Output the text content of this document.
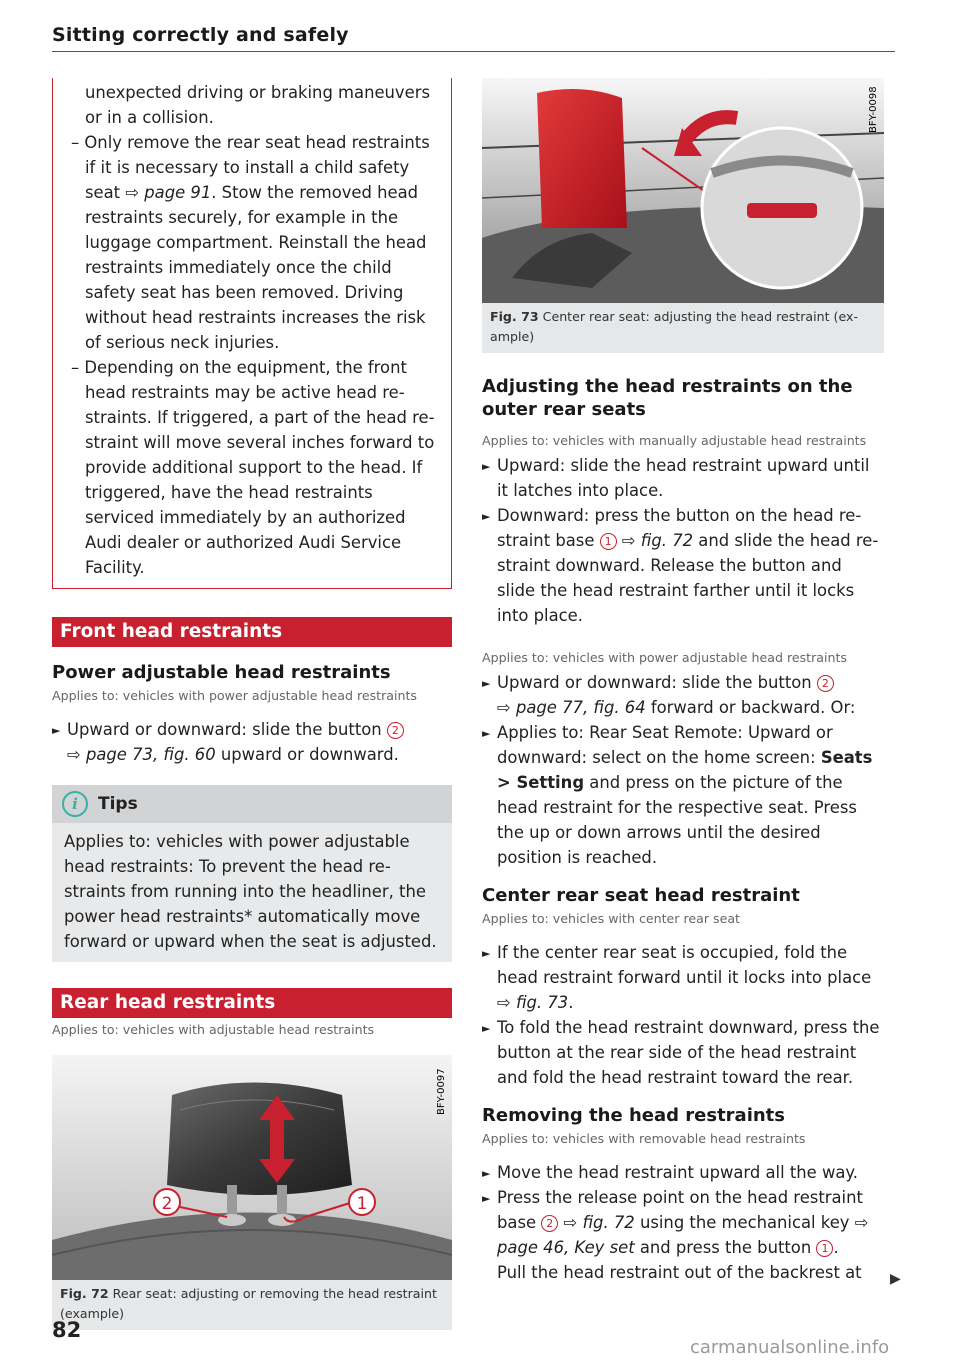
Sitting correctly and safely

unexpected driving or braking maneuvers or in a collision.

– Only remove the rear seat head restraints if it is necessary to install a child safety seat ⇨ page 91. Stow the removed head restraints securely, for example in the luggage compartment. Reinstall the head restraints immediately once the child safety seat has been removed. Driving without head restraints increases the risk of serious neck injuries.

– Depending on the equipment, the front head restraints may be active head restraints. If triggered, a part of the head restraint will move several inches forward to provide additional support to the head. If triggered, have the head restraints serviced immediately by an authorized Audi dealer or authorized Audi Service Facility.

Front head restraints
Power adjustable head restraints

Applies to: vehicles with power adjustable head restraints

► Upward or downward: slide the button 2
⇨ page 73, fig. 60 upward or downward.

i	Tips
Applies to: vehicles with power adjustable head restraints: To prevent the head restraints from running into the headliner, the power head restraints* automatically move forward or upward when the seat is adjusted.
Rear head restraints

Applies to: vehicles with adjustable head restraints

2	1
BFY-0097
Fig. 72 Rear seat: adjusting or removing the head restraint (example)
BFY-0098
Fig. 73 Center rear seat: adjusting the head restraint (example)
Adjusting the head restraints on the outer rear seats

Applies to: vehicles with manually adjustable head restraints

► Upward: slide the head restraint upward until it latches into place.

► Downward: press the button on the head restraint base 1 ⇨ fig. 72 and slide the head restraint downward. Release the button and slide the head restraint farther until it locks into place.

Applies to: vehicles with power adjustable head restraints

► Upward or downward: slide the button 2
⇨ page 77, fig. 64 forward or backward. Or:

► Applies to: Rear Seat Remote: Upward or downward: select on the home screen: Seats > Setting and press on the picture of the head restraint for the respective seat. Press the up or down arrows until the desired position is reached.

Center rear seat head restraint

Applies to: vehicles with center rear seat

► If the center rear seat is occupied, fold the head restraint forward until it locks into place ⇨ fig. 73.

► To fold the head restraint downward, press the button at the rear side of the head restraint and fold the head restraint toward the rear.

Removing the head restraints

Applies to: vehicles with removable head restraints

► Move the head restraint upward all the way.

► Press the release point on the head restraint base 2 ⇨ fig. 72 using the mechanical key ⇨ page 46, Key set and press the button 1 .

Pull the head restraint out of the backrest at	▶
82
carmanualsonline.info
